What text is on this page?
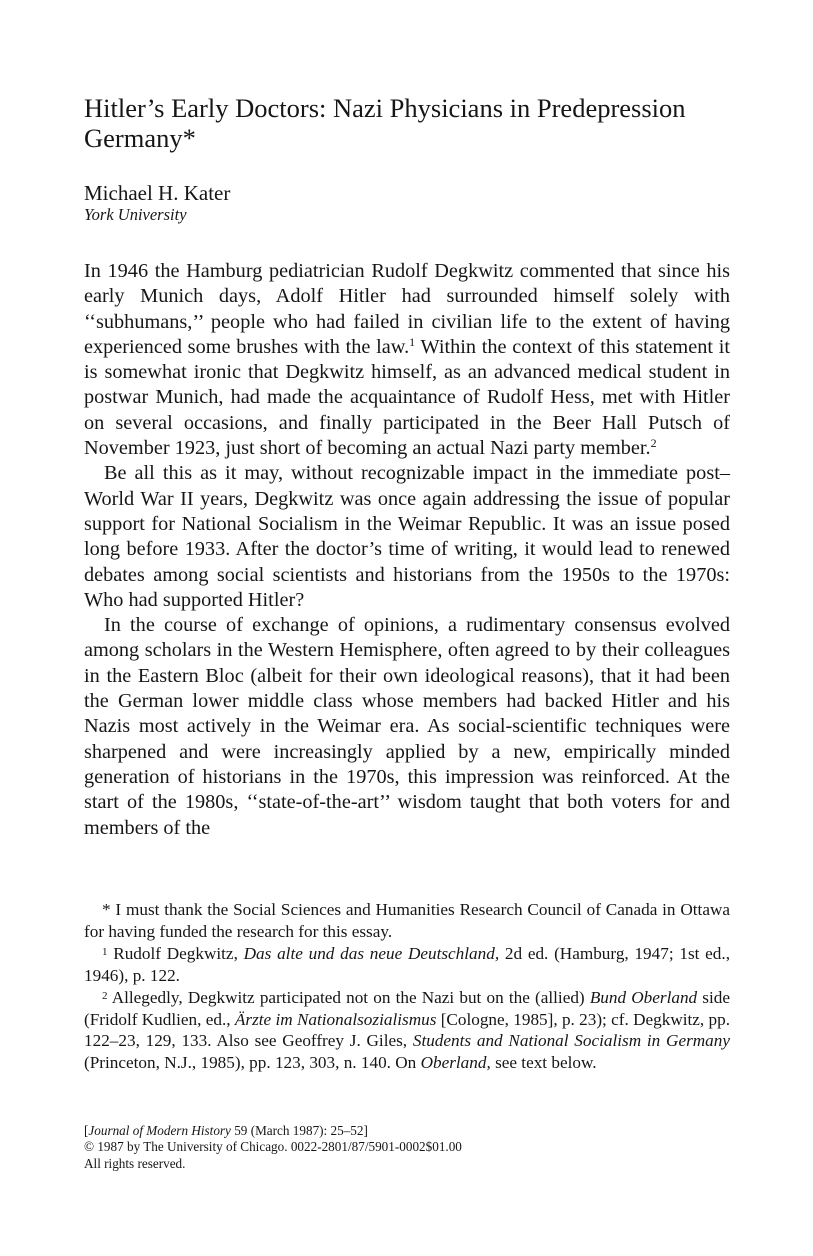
Hitler’s Early Doctors: Nazi Physicians in Predepression Germany*
Michael H. Kater
York University

In 1946 the Hamburg pediatrician Rudolf Degkwitz commented that since his early Munich days, Adolf Hitler had surrounded himself solely with ‘‘subhumans,’’ people who had failed in civilian life to the extent of having experienced some brushes with the law.$^1$ Within the context of this statement it is somewhat ironic that Degkwitz himself, as an advanced medical student in postwar Munich, had made the acquaintance of Rudolf Hess, met with Hitler on several occasions, and finally participated in the Beer Hall Putsch of November 1923, just short of becoming an actual Nazi party member.$^2$

Be all this as it may, without recognizable impact in the immediate post–World War II years, Degkwitz was once again addressing the issue of popular support for National Socialism in the Weimar Republic. It was an issue posed long before 1933. After the doctor’s time of writing, it would lead to renewed debates among social scientists and historians from the 1950s to the 1970s: Who had supported Hitler?

In the course of exchange of opinions, a rudimentary consensus evolved among scholars in the Western Hemisphere, often agreed to by their colleagues in the Eastern Bloc (albeit for their own ideological reasons), that it had been the German lower middle class whose members had backed Hitler and his Nazis most actively in the Weimar era. As social-scientific techniques were sharpened and were increasingly applied by a new, empirically minded generation of historians in the 1970s, this impression was reinforced. At the start of the 1980s, ‘‘state-of-the-art’’ wisdom taught that both voters for and members of the

* I must thank the Social Sciences and Humanities Research Council of Canada in Ottawa for having funded the research for this essay.

$^1$ Rudolf Degkwitz, Das alte und das neue Deutschland, 2d ed. (Hamburg, 1947; 1st ed., 1946), p. 122.

$^2$ Allegedly, Degkwitz participated not on the Nazi but on the (allied) Bund Oberland side (Fridolf Kudlien, ed., Ärzte im Nationalsozialismus [Cologne, 1985], p. 23); cf. Degkwitz, pp. 122–23, 129, 133. Also see Geoffrey J. Giles, Students and National Socialism in Germany (Princeton, N.J., 1985), pp. 123, 303, n. 140. On Oberland, see text below.

[Journal of Modern History 59 (March 1987): 25–52]
© 1987 by The University of Chicago. 0022-2801/87/5901-0002$01.00
All rights reserved.
